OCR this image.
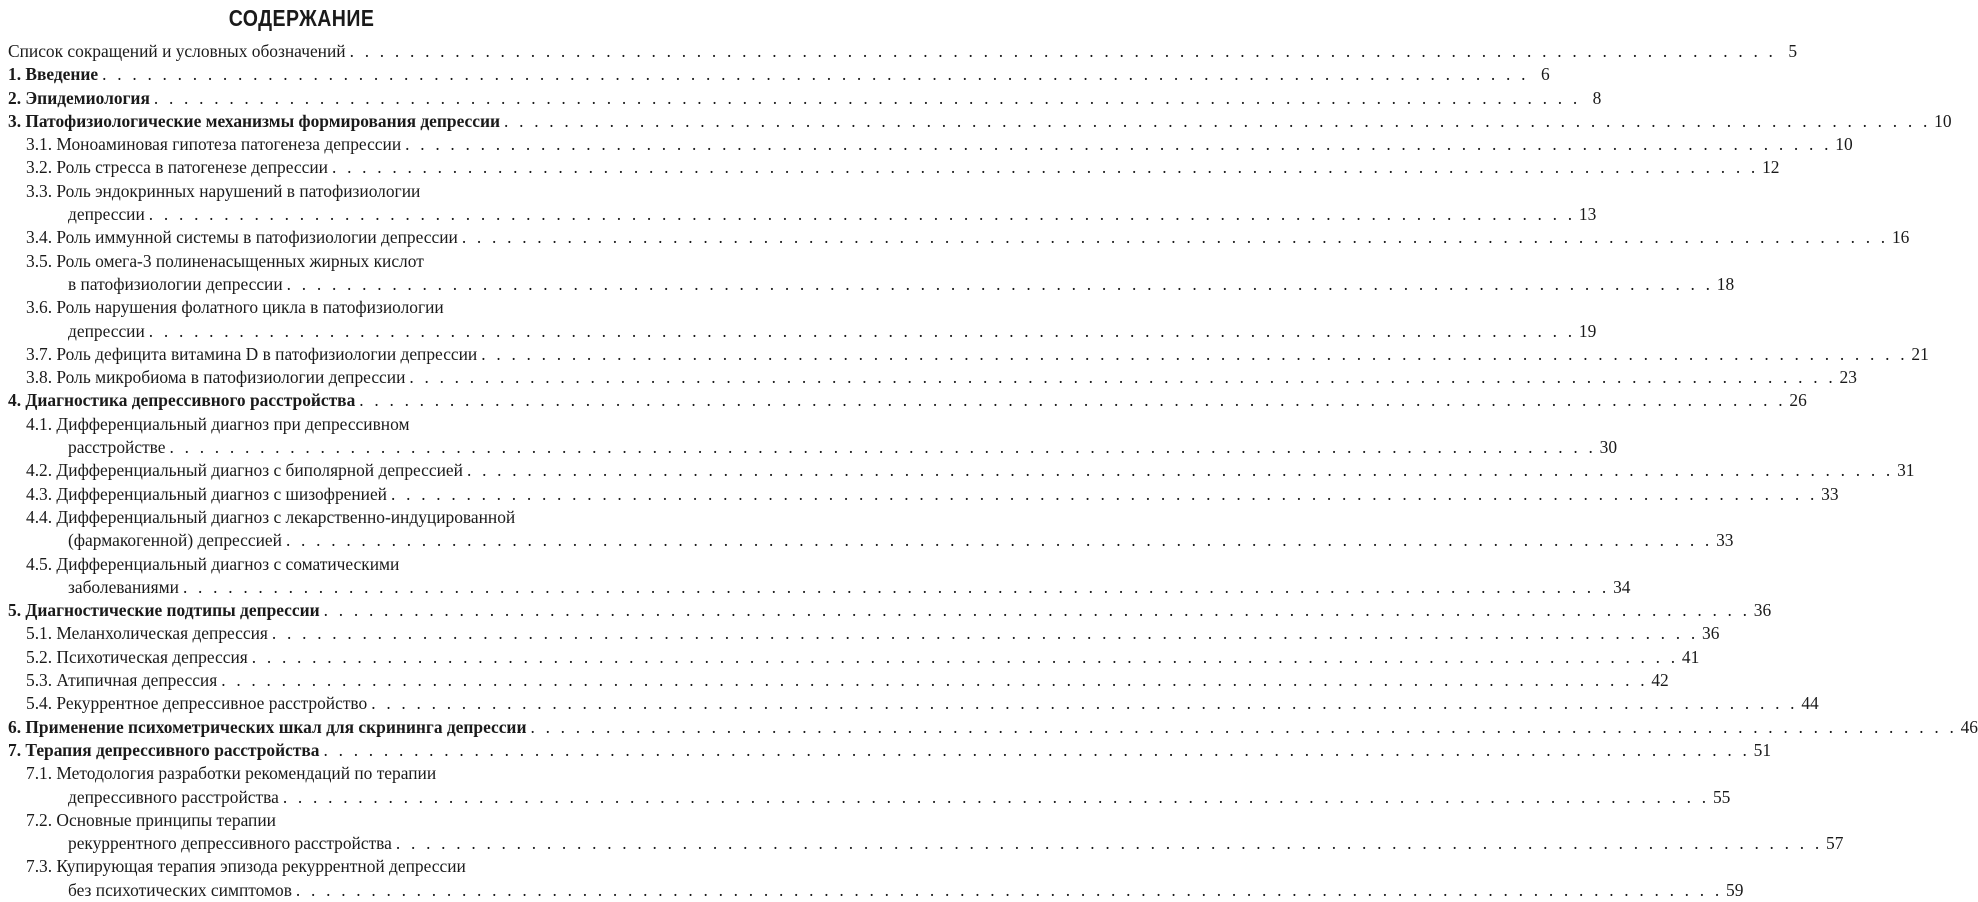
СОДЕРЖАНИЕ
Список сокращений и условных обозначений . . .	5
1. Введение . . .	6
2. Эпидемиология . . .	8
3. Патофизиологические механизмы формирования депрессии . . .	10
3.1. Моноаминовая гипотеза патогенеза депрессии . . .	10
3.2. Роль стресса в патогенезе депрессии . . .	12
3.3. Роль эндокринных нарушений в патофизиологии
депрессии . . .	13
3.4. Роль иммунной системы в патофизиологии депрессии . . .	16
3.5. Роль омега-3 полиненасыщенных жирных кислот
в патофизиологии депрессии . . .	18
3.6. Роль нарушения фолатного цикла в патофизиологии
депрессии . . .	19
3.7. Роль дефицита витамина D в патофизиологии депрессии . . .	21
3.8. Роль микробиома в патофизиологии депрессии . . .	23
4. Диагностика депрессивного расстройства . . .	26
4.1. Дифференциальный диагноз при депрессивном
расстройстве . . .	30
4.2. Дифференциальный диагноз с биполярной депрессией . . .	31
4.3. Дифференциальный диагноз с шизофренией . . .	33
4.4. Дифференциальный диагноз с лекарственно-индуцированной
(фармакогенной) депрессией . . .	33
4.5. Дифференциальный диагноз с соматическими
заболеваниями . . .	34
5. Диагностические подтипы депрессии . . .	36
5.1. Меланхолическая депрессия . . .	36
5.2. Психотическая депрессия . . .	41
5.3. Атипичная депрессия . . .	42
5.4. Рекуррентное депрессивное расстройство . . .	44
6. Применение психометрических шкал для скрининга депрессии . . .	46
7. Терапия депрессивного расстройства . . .	51
7.1. Методология разработки рекомендаций по терапии
депрессивного расстройства . . .	55
7.2. Основные принципы терапии
рекуррентного депрессивного расстройства . . .	57
7.3. Купирующая терапия эпизода рекуррентной депрессии
без психотических симптомов . . .	59
